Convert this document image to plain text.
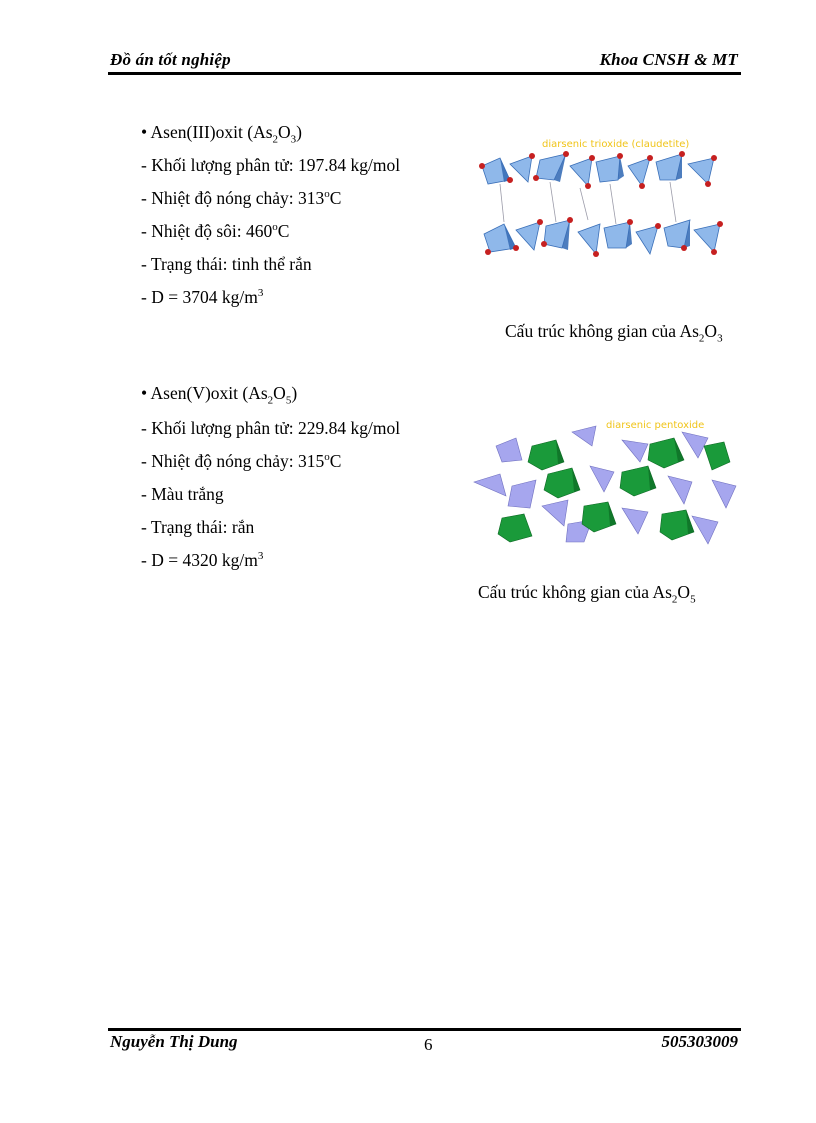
Đồ án tốt nghiệp	Khoa CNSH & MT
• Asen(III)oxit $(As_2O_3)$
- Khối lượng phân tử: 197.84 kg/mol
- Nhiệt độ nóng chảy: 313$^o$C
- Nhiệt độ sôi: 460$^o$C
- Trạng thái: tinh thể rắn
- D = 3704 $kg/m^3$
diarsenic trioxide (claudetite)
Cấu trúc không gian của $As_2O_3$
• Asen(V)oxit $(As_2O_5)$
- Khối lượng phân tử: 229.84 kg/mol
- Nhiệt độ nóng chảy: 315$^o$C
- Màu trắng
- Trạng thái: rắn
- D = 4320 $kg/m^3$
diarsenic pentoxide
Cấu trúc không gian của $As_2O_5$
Nguyễn Thị Dung	6	505303009
